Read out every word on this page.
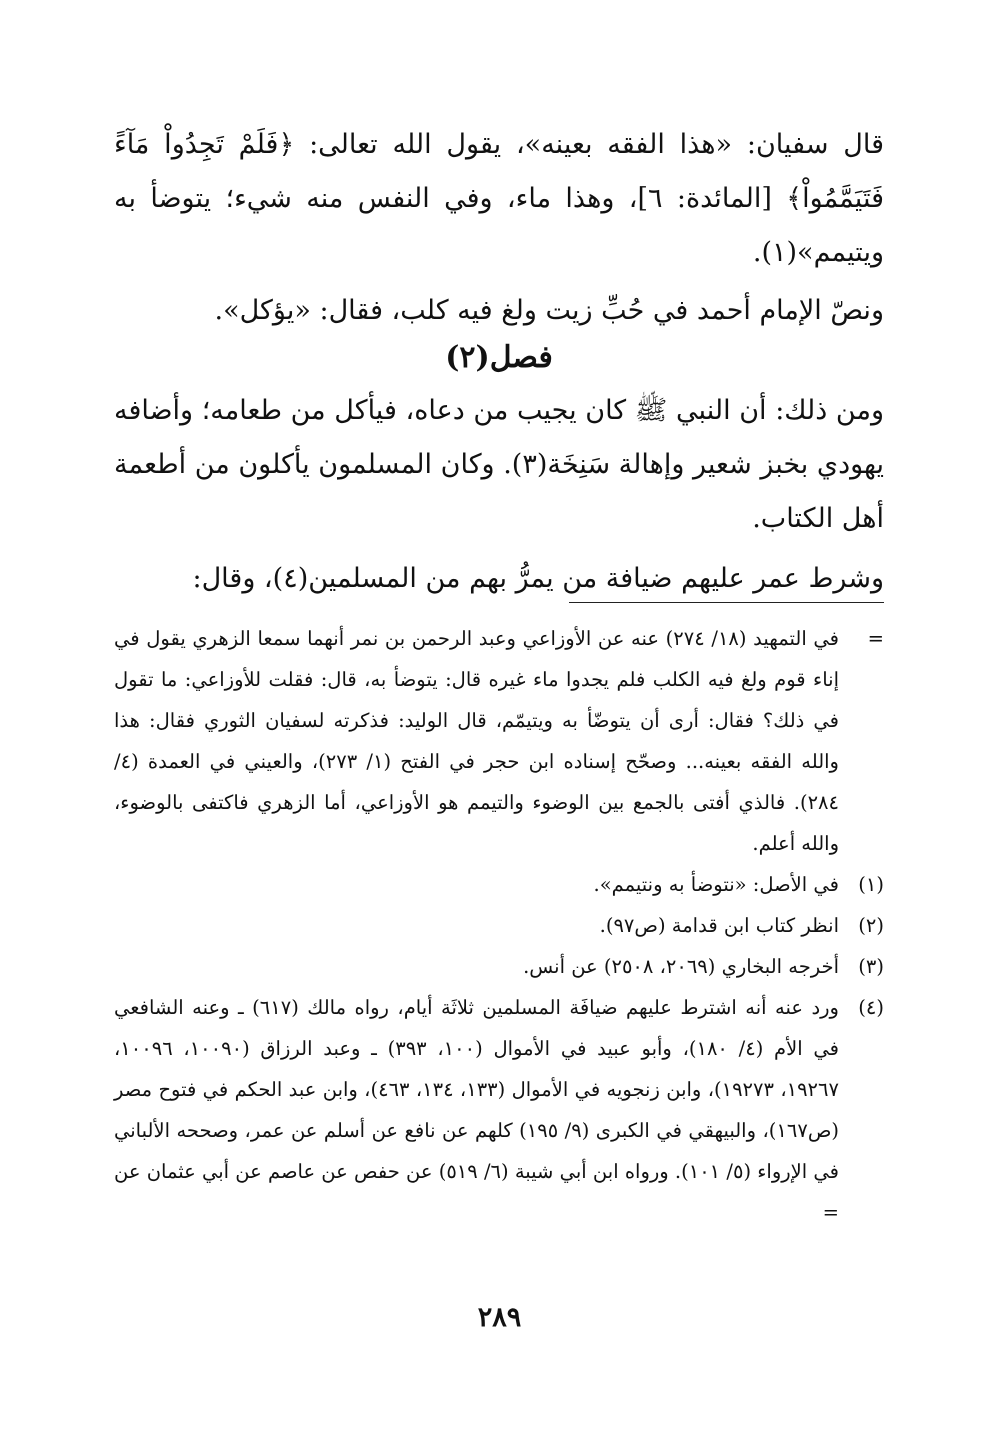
قال سفيان: «هذا الفقه بعينه»، يقول الله تعالى: ﴿فَلَمْ تَجِدُواْ مَآءً فَتَيَمَّمُواْ﴾ [المائدة: ٦]، وهذا ماء، وفي النفس منه شيء؛ يتوضأ به ويتيمم»(١).

ونصّ الإمام أحمد في حُبِّ زيت ولغ فيه كلب، فقال: «يؤكل».

فصل(٢)

ومن ذلك: أن النبي ﷺ كان يجيب من دعاه، فيأكل من طعامه؛ وأضافه يهودي بخبز شعير وإهالة سَنِخَة(٣). وكان المسلمون يأكلون من أطعمة أهل الكتاب.

وشرط عمر عليهم ضيافة من يمرُّ بهم من المسلمين(٤)، وقال:

=
في التمهيد (١٨/ ٢٧٤) عنه عن الأوزاعي وعبد الرحمن بن نمر أنهما سمعا الزهري يقول في إناء قوم ولغ فيه الكلب فلم يجدوا ماء غيره قال: يتوضأ به، قال: فقلت للأوزاعي: ما تقول في ذلك؟ فقال: أرى أن يتوضّأ به ويتيمّم، قال الوليد: فذكرته لسفيان الثوري فقال: هذا والله الفقه بعينه... وصحّح إسناده ابن حجر في الفتح (١/ ٢٧٣)، والعيني في العمدة (٤/ ٢٨٤). فالذي أفتى بالجمع بين الوضوء والتيمم هو الأوزاعي، أما الزهري فاكتفى بالوضوء، والله أعلم.
(١)
في الأصل: «نتوضأ به ونتيمم».
(٢)
انظر كتاب ابن قدامة (ص٩٧).
(٣)
أخرجه البخاري (٢٠٦٩، ٢٥٠٨) عن أنس.
(٤)
ورد عنه أنه اشترط عليهم ضيافَة المسلمين ثلاثَة أيام، رواه مالك (٦١٧) ـ وعنه الشافعي في الأم (٤/ ١٨٠)، وأبو عبيد في الأموال (١٠٠، ٣٩٣) ـ وعبد الرزاق (١٠٠٩٠، ١٠٠٩٦، ١٩٢٦٧، ١٩٢٧٣)، وابن زنجويه في الأموال (١٣٣، ١٣٤، ٤٦٣)، وابن عبد الحكم في فتوح مصر (ص١٦٧)، والبيهقي في الكبرى (٩/ ١٩٥) كلهم عن نافع عن أسلم عن عمر، وصححه الألباني في الإرواء (٥/ ١٠١). ورواه ابن أبي شيبة (٦/ ٥١٩) عن حفص عن عاصم عن أبي عثمان عن =
٢٨٩
